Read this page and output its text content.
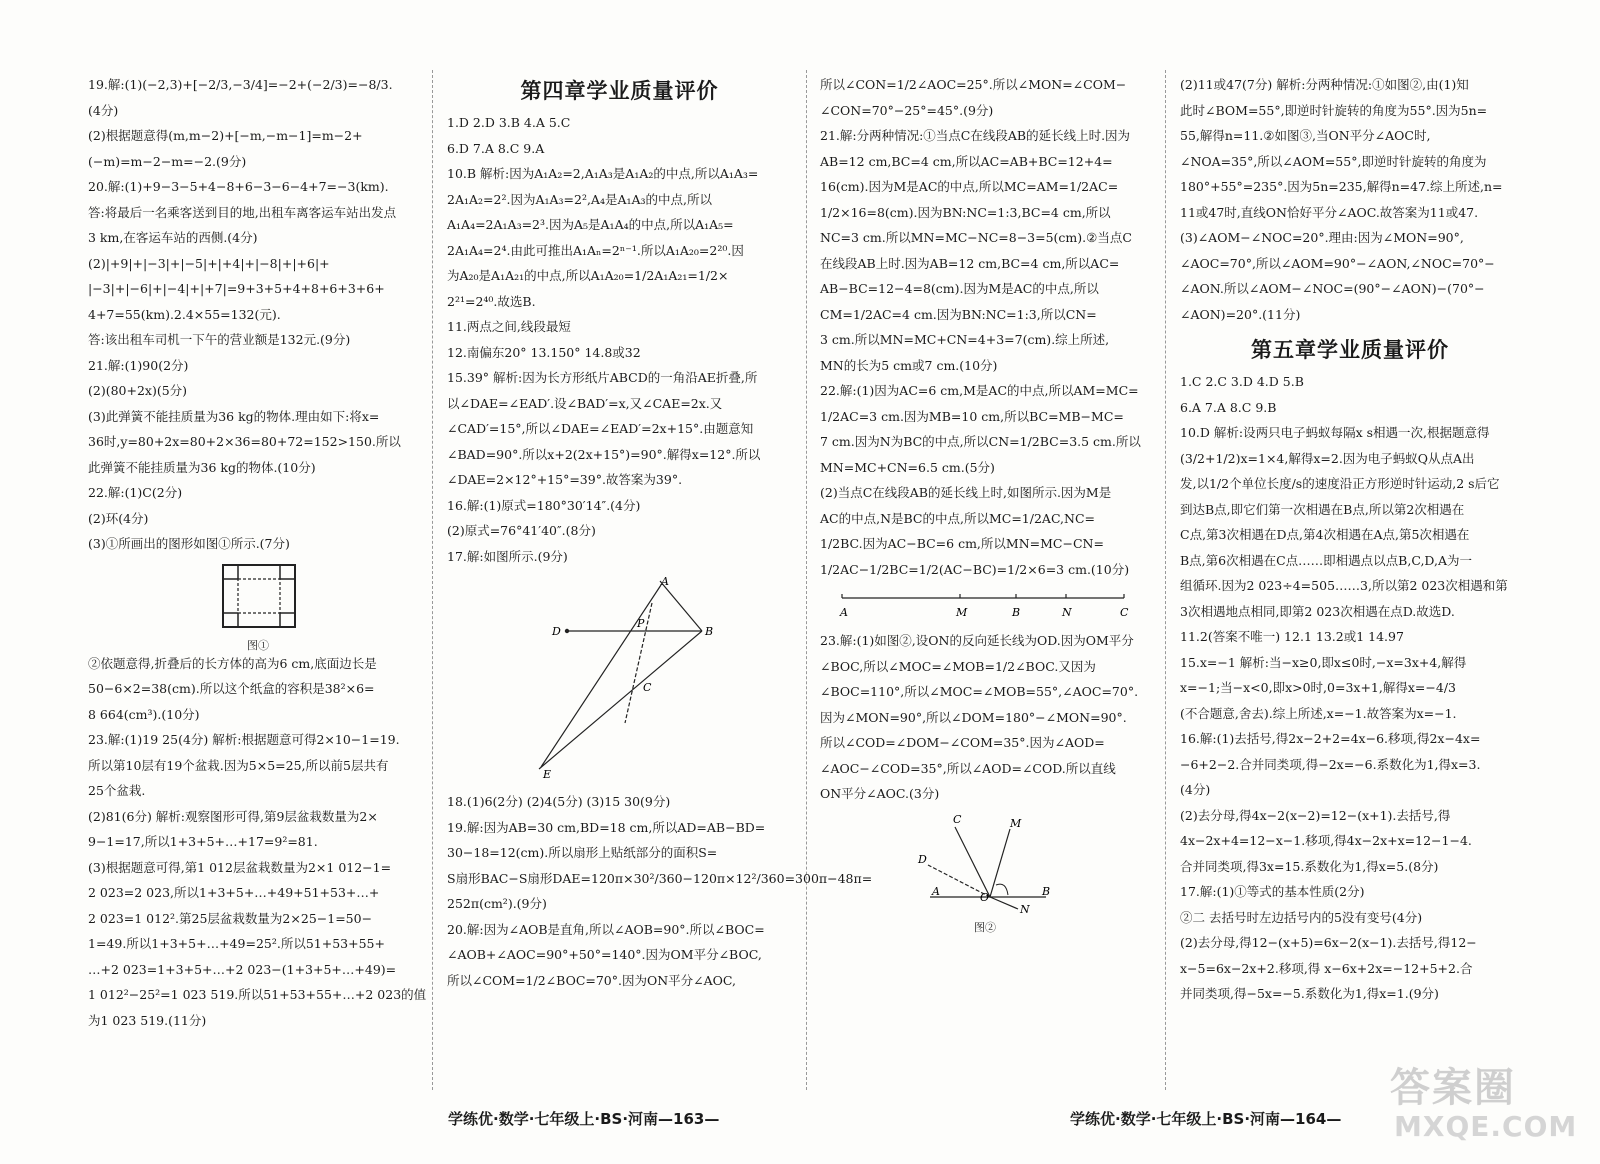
19.解:(1)(−2,3)+[−2/3,−3/4]=−2+(−2/3)=−8/3.

(4分)

(2)根据题意得(m,m−2)+[−m,−m−1]=m−2+

(−m)=m−2−m=−2.(9分)

20.解:(1)+9−3−5+4−8+6−3−6−4+7=−3(km).

答:将最后一名乘客送到目的地,出租车离客运车站出发点

3 km,在客运车站的西侧.(4分)

(2)|+9|+|−3|+|−5|+|+4|+|−8|+|+6|+

|−3|+|−6|+|−4|+|+7|=9+3+5+4+8+6+3+6+

4+7=55(km).2.4×55=132(元).

答:该出租车司机一下午的营业额是132元.(9分)

21.解:(1)90(2分)

(2)(80+2x)(5分)

(3)此弹簧不能挂质量为36 kg的物体.理由如下:将x=

36时,y=80+2x=80+2×36=80+72=152>150.所以

此弹簧不能挂质量为36 kg的物体.(10分)

22.解:(1)C(2分)

(2)环(4分)

(3)①所画出的图形如图①所示.(7分)

图①

②依题意得,折叠后的长方体的高为6 cm,底面边长是

50−6×2=38(cm).所以这个纸盒的容积是38²×6=

8 664(cm³).(10分)

23.解:(1)19 25(4分) 解析:根据题意可得2×10−1=19.

所以第10层有19个盆栽.因为5×5=25,所以前5层共有

25个盆栽.

(2)81(6分) 解析:观察图形可得,第9层盆栽数量为2×

9−1=17,所以1+3+5+…+17=9²=81.

(3)根据题意可得,第1 012层盆栽数量为2×1 012−1=

2 023=2 023,所以1+3+5+…+49+51+53+…+

2 023=1 012².第25层盆栽数量为2×25−1=50−

1=49.所以1+3+5+…+49=25².所以51+53+55+

…+2 023=1+3+5+…+2 023−(1+3+5+…+49)=

1 012²−25²=1 023 519.所以51+53+55+…+2 023的值

为1 023 519.(11分)

第四章学业质量评价

1.D 2.D 3.B 4.A 5.C

6.D 7.A 8.C 9.A

10.B 解析:因为A₁A₂=2,A₁A₃是A₁A₂的中点,所以A₁A₃=

2A₁A₂=2².因为A₁A₃=2²,A₄是A₁A₃的中点,所以

A₁A₄=2A₁A₃=2³.因为A₅是A₁A₄的中点,所以A₁A₅=

2A₁A₄=2⁴.由此可推出A₁Aₙ=2ⁿ⁻¹.所以A₁A₂₀=2²⁰.因

为A₂₀是A₁A₂₁的中点,所以A₁A₂₀=1/2A₁A₂₁=1/2×

2²¹=2⁴⁰.故选B.

11.两点之间,线段最短

12.南偏东20° 13.150° 14.8或32

15.39° 解析:因为长方形纸片ABCD的一角沿AE折叠,所

以∠DAE=∠EAD′.设∠BAD′=x,又∠CAE=2x.又

∠CAD′=15°,所以∠DAE=∠EAD′=2x+15°.由题意知

∠BAD=90°.所以x+2(2x+15°)=90°.解得x=12°.所以

∠DAE=2×12°+15°=39°.故答案为39°.

16.解:(1)原式=180°30′14″.(4分)

(2)原式=76°41′40″.(8分)

17.解:如图所示.(9分)

A
B
C
D
E
P

18.(1)6(2分) (2)4(5分) (3)15 30(9分)

19.解:因为AB=30 cm,BD=18 cm,所以AD=AB−BD=

30−18=12(cm).所以扇形上贴纸部分的面积S=

S扇形BAC−S扇形DAE=120π×30²/360−120π×12²/360=300π−48π=

252π(cm²).(9分)

20.解:因为∠AOB是直角,所以∠AOB=90°.所以∠BOC=

∠AOB+∠AOC=90°+50°=140°.因为OM平分∠BOC,

所以∠COM=1/2∠BOC=70°.因为ON平分∠AOC,

所以∠CON=1/2∠AOC=25°.所以∠MON=∠COM−

∠CON=70°−25°=45°.(9分)

21.解:分两种情况:①当点C在线段AB的延长线上时.因为

AB=12 cm,BC=4 cm,所以AC=AB+BC=12+4=

16(cm).因为M是AC的中点,所以MC=AM=1/2AC=

1/2×16=8(cm).因为BN:NC=1:3,BC=4 cm,所以

NC=3 cm.所以MN=MC−NC=8−3=5(cm).②当点C

在线段AB上时.因为AB=12 cm,BC=4 cm,所以AC=

AB−BC=12−4=8(cm).因为M是AC的中点,所以

CM=1/2AC=4 cm.因为BN:NC=1:3,所以CN=

3 cm.所以MN=MC+CN=4+3=7(cm).综上所述,

MN的长为5 cm或7 cm.(10分)

22.解:(1)因为AC=6 cm,M是AC的中点,所以AM=MC=

1/2AC=3 cm.因为MB=10 cm,所以BC=MB−MC=

7 cm.因为N为BC的中点,所以CN=1/2BC=3.5 cm.所以

MN=MC+CN=6.5 cm.(5分)

(2)当点C在线段AB的延长线上时,如图所示.因为M是

AC的中点,N是BC的中点,所以MC=1/2AC,NC=

1/2BC.因为AC−BC=6 cm,所以MN=MC−CN=

1/2AC−1/2BC=1/2(AC−BC)=1/2×6=3 cm.(10分)

A	M	B	N	C

23.解:(1)如图②,设ON的反向延长线为OD.因为OM平分

∠BOC,所以∠MOC=∠MOB=1/2∠BOC.又因为

∠BOC=110°,所以∠MOC=∠MOB=55°,∠AOC=70°.

因为∠MON=90°,所以∠DOM=180°−∠MON=90°.

所以∠COD=∠DOM−∠COM=35°.因为∠AOD=

∠AOC−∠COD=35°,所以∠AOD=∠COD.所以直线

ON平分∠AOC.(3分)

C
D
M
A	O
N
B
图②

(2)11或47(7分) 解析:分两种情况:①如图②,由(1)知

此时∠BOM=55°,即逆时针旋转的角度为55°.因为5n=

55,解得n=11.②如图③,当ON平分∠AOC时,

∠NOA=35°,所以∠AOM=55°,即逆时针旋转的角度为

180°+55°=235°.因为5n=235,解得n=47.综上所述,n=

11或47时,直线ON恰好平分∠AOC.故答案为11或47.

(3)∠AOM−∠NOC=20°.理由:因为∠MON=90°,

∠AOC=70°,所以∠AOM=90°−∠AON,∠NOC=70°−

∠AON.所以∠AOM−∠NOC=(90°−∠AON)−(70°−

∠AON)=20°.(11分)

第五章学业质量评价

1.C 2.C 3.D 4.D 5.B

6.A 7.A 8.C 9.B

10.D 解析:设两只电子蚂蚁每隔x s相遇一次,根据题意得

(3/2+1/2)x=1×4,解得x=2.因为电子蚂蚁Q从点A出

发,以1/2个单位长度/s的速度沿正方形逆时针运动,2 s后它

到达B点,即它们第一次相遇在B点,所以第2次相遇在

C点,第3次相遇在D点,第4次相遇在A点,第5次相遇在

B点,第6次相遇在C点……即相遇点以点B,C,D,A为一

组循环.因为2 023÷4=505……3,所以第2 023次相遇和第

3次相遇地点相同,即第2 023次相遇在点D.故选D.

11.2(答案不唯一) 12.1 13.2或1 14.97

15.x=−1 解析:当−x≥0,即x≤0时,−x=3x+4,解得

x=−1;当−x<0,即x>0时,0=3x+1,解得x=−4/3

(不合题意,舍去).综上所述,x=−1.故答案为x=−1.

16.解:(1)去括号,得2x−2+2=4x−6.移项,得2x−4x=

−6+2−2.合并同类项,得−2x=−6.系数化为1,得x=3.

(4分)

(2)去分母,得4x−2(x−2)=12−(x+1).去括号,得

4x−2x+4=12−x−1.移项,得4x−2x+x=12−1−4.

合并同类项,得3x=15.系数化为1,得x=5.(8分)

17.解:(1)①等式的基本性质(2分)

②二 去括号时左边括号内的5没有变号(4分)

(2)去分母,得12−(x+5)=6x−2(x−1).去括号,得12−

x−5=6x−2x+2.移项,得 x−6x+2x=−12+5+2.合

并同类项,得−5x=−5.系数化为1,得x=1.(9分)

学练优·数学·七年级上·BS·河南—163—	学练优·数学·七年级上·BS·河南—164—
答案圈
MXQE.COM
